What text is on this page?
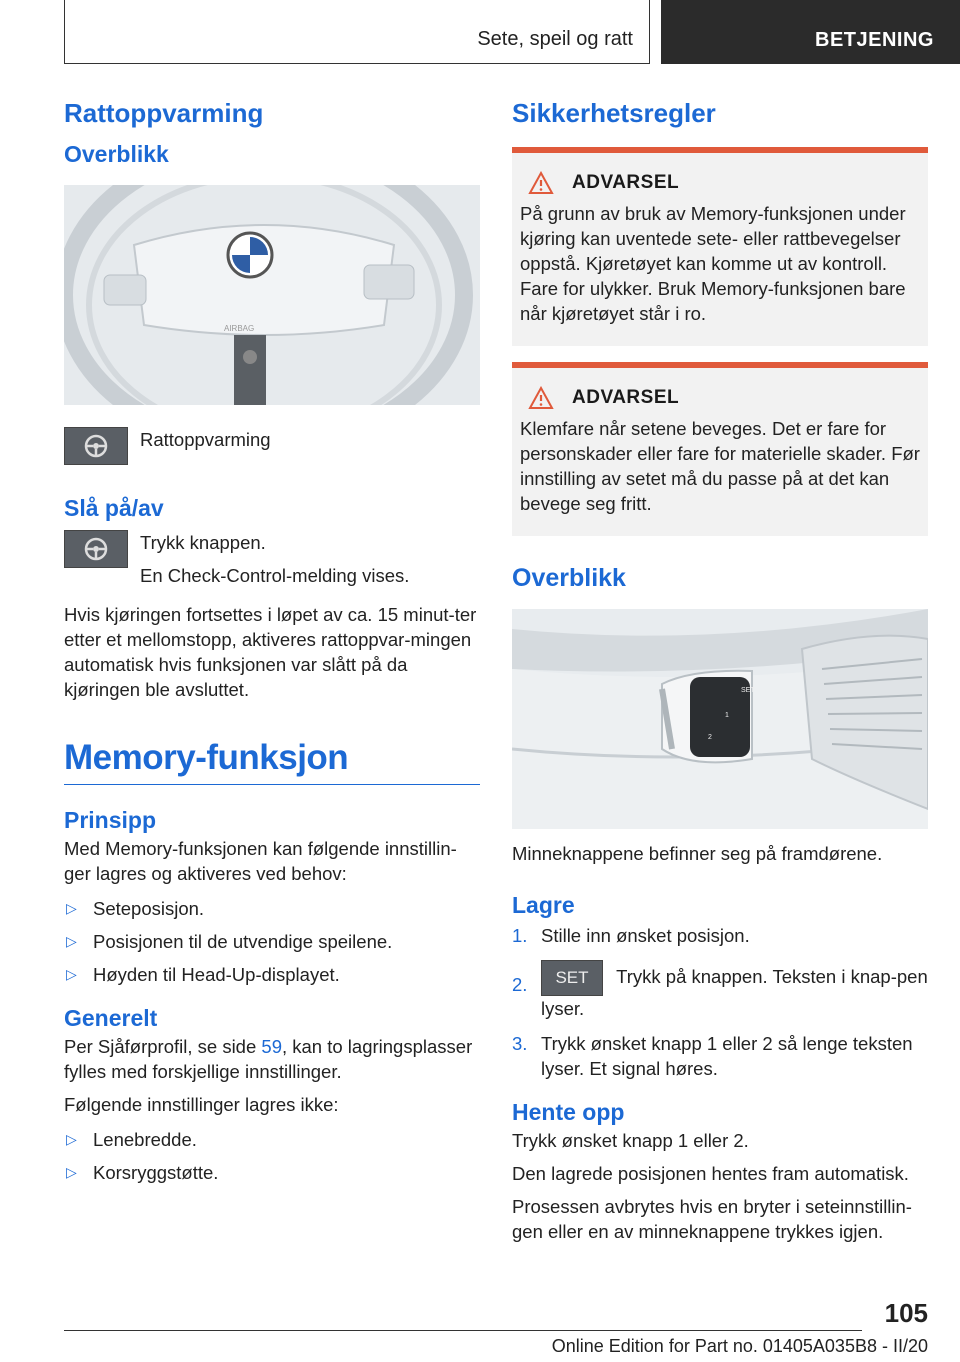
Sete, speil og ratt	BETJENING
Rattoppvarming
Overblikk
AIRBAG
Rattoppvarming
Slå på/av

Trykk knappen.

En Check-Control-melding vises.

Hvis kjøringen fortsettes i løpet av ca. 15 minut-ter etter et mellomstopp, aktiveres rattoppvar-mingen automatisk hvis funksjonen var slått på da kjøringen ble avsluttet.

Memory-funksjon
Prinsipp

Med Memory-funksjonen kan følgende innstillin-ger lagres og aktiveres ved behov:

▷ Seteposisjon.
▷ Posisjonen til de utvendige speilene.
▷ Høyden til Head-Up-displayet.
Generelt

Per Sjåførprofil, se side 59, kan to lagringsplasser fylles med forskjellige innstillinger.

Følgende innstillinger lagres ikke:

▷ Lenebredde.
▷ Korsryggstøtte.
Sikkerhetsregler
ADVARSEL

På grunn av bruk av Memory-funksjonen under kjøring kan uventede sete- eller rattbevegelser oppstå. Kjøretøyet kan komme ut av kontroll. Fare for ulykker. Bruk Memory-funksjonen bare når kjøretøyet står i ro.

ADVARSEL

Klemfare når setene beveges. Det er fare for personskader eller fare for materielle skader. Før innstilling av setet må du passe på at det kan bevege seg fritt.

Overblikk
SET
1
2

Minneknappene befinner seg på framdørene.

Lagre
1. Stille inn ønsket posisjon.
2. SET Trykk på knappen. Teksten i knap-pen lyser.
3. Trykk ønsket knapp 1 eller 2 så lenge teksten lyser. Et signal høres.
Hente opp

Trykk ønsket knapp 1 eller 2.

Den lagrede posisjonen hentes fram automatisk.

Prosessen avbrytes hvis en bryter i seteinnstillin-gen eller en av minneknappene trykkes igjen.

105
Online Edition for Part no. 01405A035B8 - II/20
